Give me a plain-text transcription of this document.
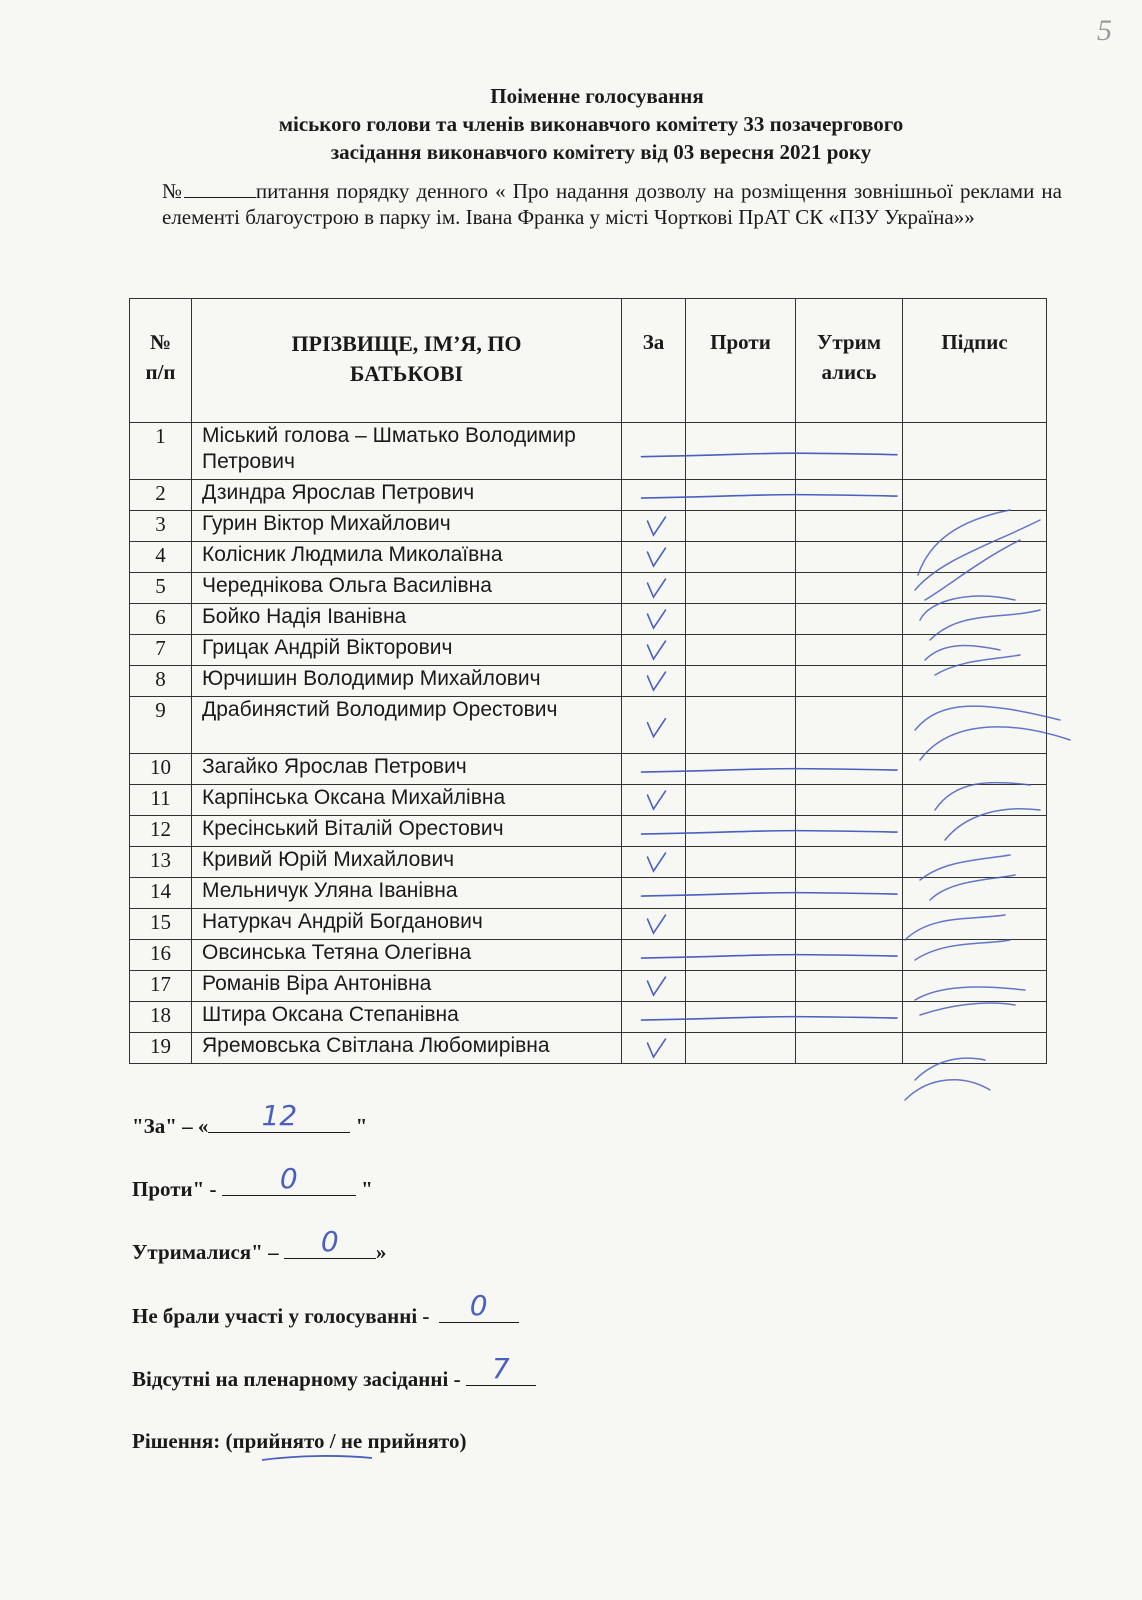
5
Поіменне голосування
міського голови та членів виконавчого комітету 33 позачергового
засідання виконавчого комітету від 03 вересня 2021 року
№	питання порядку денного « Про надання дозволу на розміщення зовнішньої реклами на елементі благоустрою в парку ім. Івана Франка у місті Чорткові ПрАТ СК «ПЗУ Україна»»
№ п/п	ПРІЗВИЩЕ, ІМ’Я, ПО БАТЬКОВІ	За	Проти	Утрим ались	Підпис
1	Міський голова – Шматько Володимир Петрович				
2	Дзиндра Ярослав Петрович				
3	Гурин Віктор Михайлович				
4	Колісник Людмила Миколаївна				
5	Череднікова Ольга Василівна				
6	Бойко Надія Іванівна				
7	Грицак Андрій Вікторович				
8	Юрчишин Володимир Михайлович				
9	Драбинястий Володимир Орестович				
10	Загайко Ярослав Петрович				
11	Карпінська Оксана Михайлівна				
12	Кресінський Віталій Орестович				
13	Кривий Юрій Михайлович				
14	Мельничук Уляна Іванівна				
15	Натуркач Андрій Богданович				
16	Овсинська Тетяна Олегівна				
17	Романів Віра Антонівна				
18	Штира Оксана Степанівна				
19	Яремовська Світлана Любомирівна				
"За" – «	12	"
Проти" -	0	"
Утрималися" –	0	»
Не брали участі у голосуванні -	0
Відсутні на пленарному засіданні - 7
Рішення: (прийнято / не прийнято)
